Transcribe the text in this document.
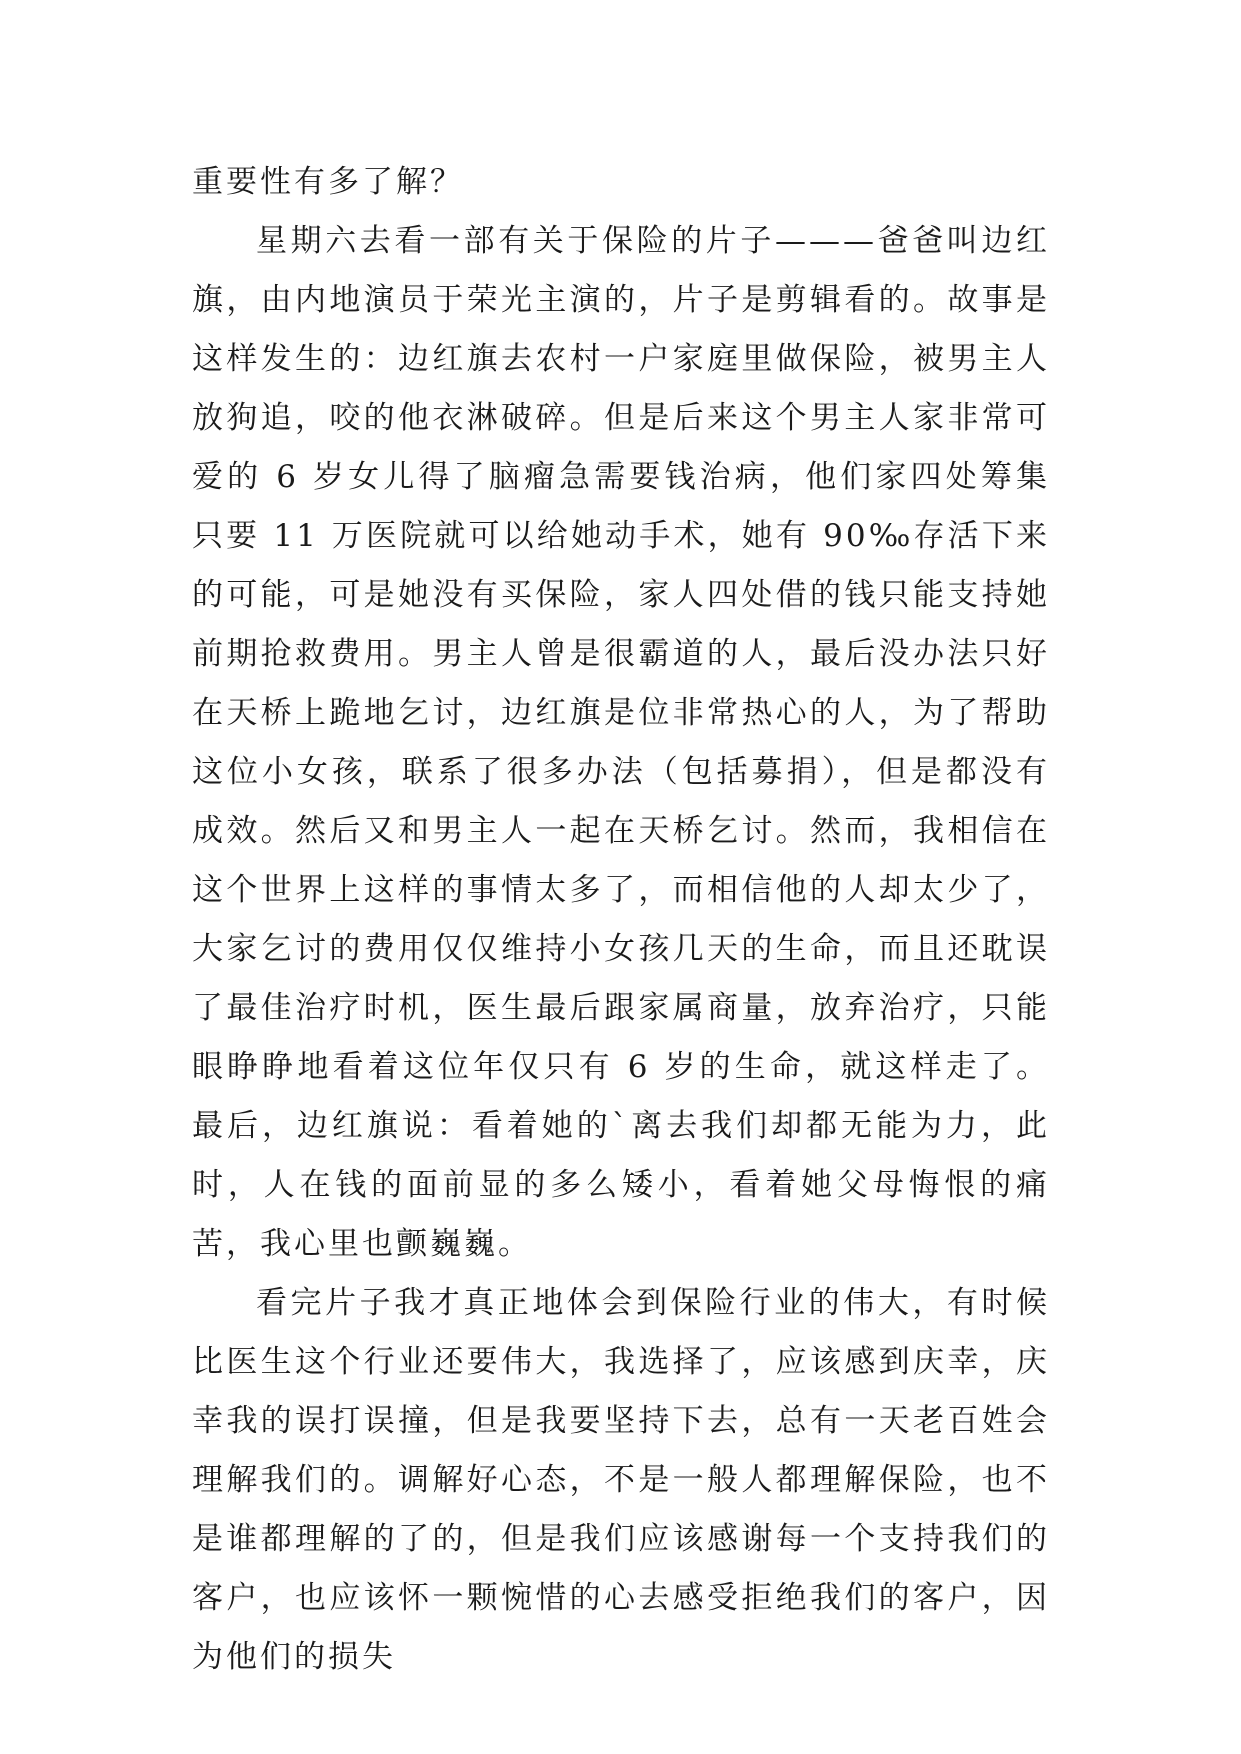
重要性有多了解？

星期六去看一部有关于保险的片子———爸爸叫边红旗，由内地演员于荣光主演的，片子是剪辑看的。故事是这样发生的：边红旗去农村一户家庭里做保险，被男主人放狗追，咬的他衣淋破碎。但是后来这个男主人家非常可爱的 6 岁女儿得了脑瘤急需要钱治病，他们家四处筹集只要 11 万医院就可以给她动手术，她有 90‰存活下来的可能，可是她没有买保险，家人四处借的钱只能支持她前期抢救费用。男主人曾是很霸道的人，最后没办法只好在天桥上跪地乞讨，边红旗是位非常热心的人，为了帮助这位小女孩，联系了很多办法（包括募捐），但是都没有成效。然后又和男主人一起在天桥乞讨。然而，我相信在这个世界上这样的事情太多了，而相信他的人却太少了，大家乞讨的费用仅仅维持小女孩几天的生命，而且还耽误了最佳治疗时机，医生最后跟家属商量，放弃治疗，只能眼睁睁地看着这位年仅只有 6 岁的生命，就这样走了。最后，边红旗说：看着她的`离去我们却都无能为力，此时，人在钱的面前显的多么矮小，看着她父母悔恨的痛苦，我心里也颤巍巍。

看完片子我才真正地体会到保险行业的伟大，有时候比医生这个行业还要伟大，我选择了，应该感到庆幸，庆幸我的误打误撞，但是我要坚持下去，总有一天老百姓会理解我们的。调解好心态，不是一般人都理解保险，也不是谁都理解的了的，但是我们应该感谢每一个支持我们的客户，也应该怀一颗惋惜的心去感受拒绝我们的客户，因为他们的损失
